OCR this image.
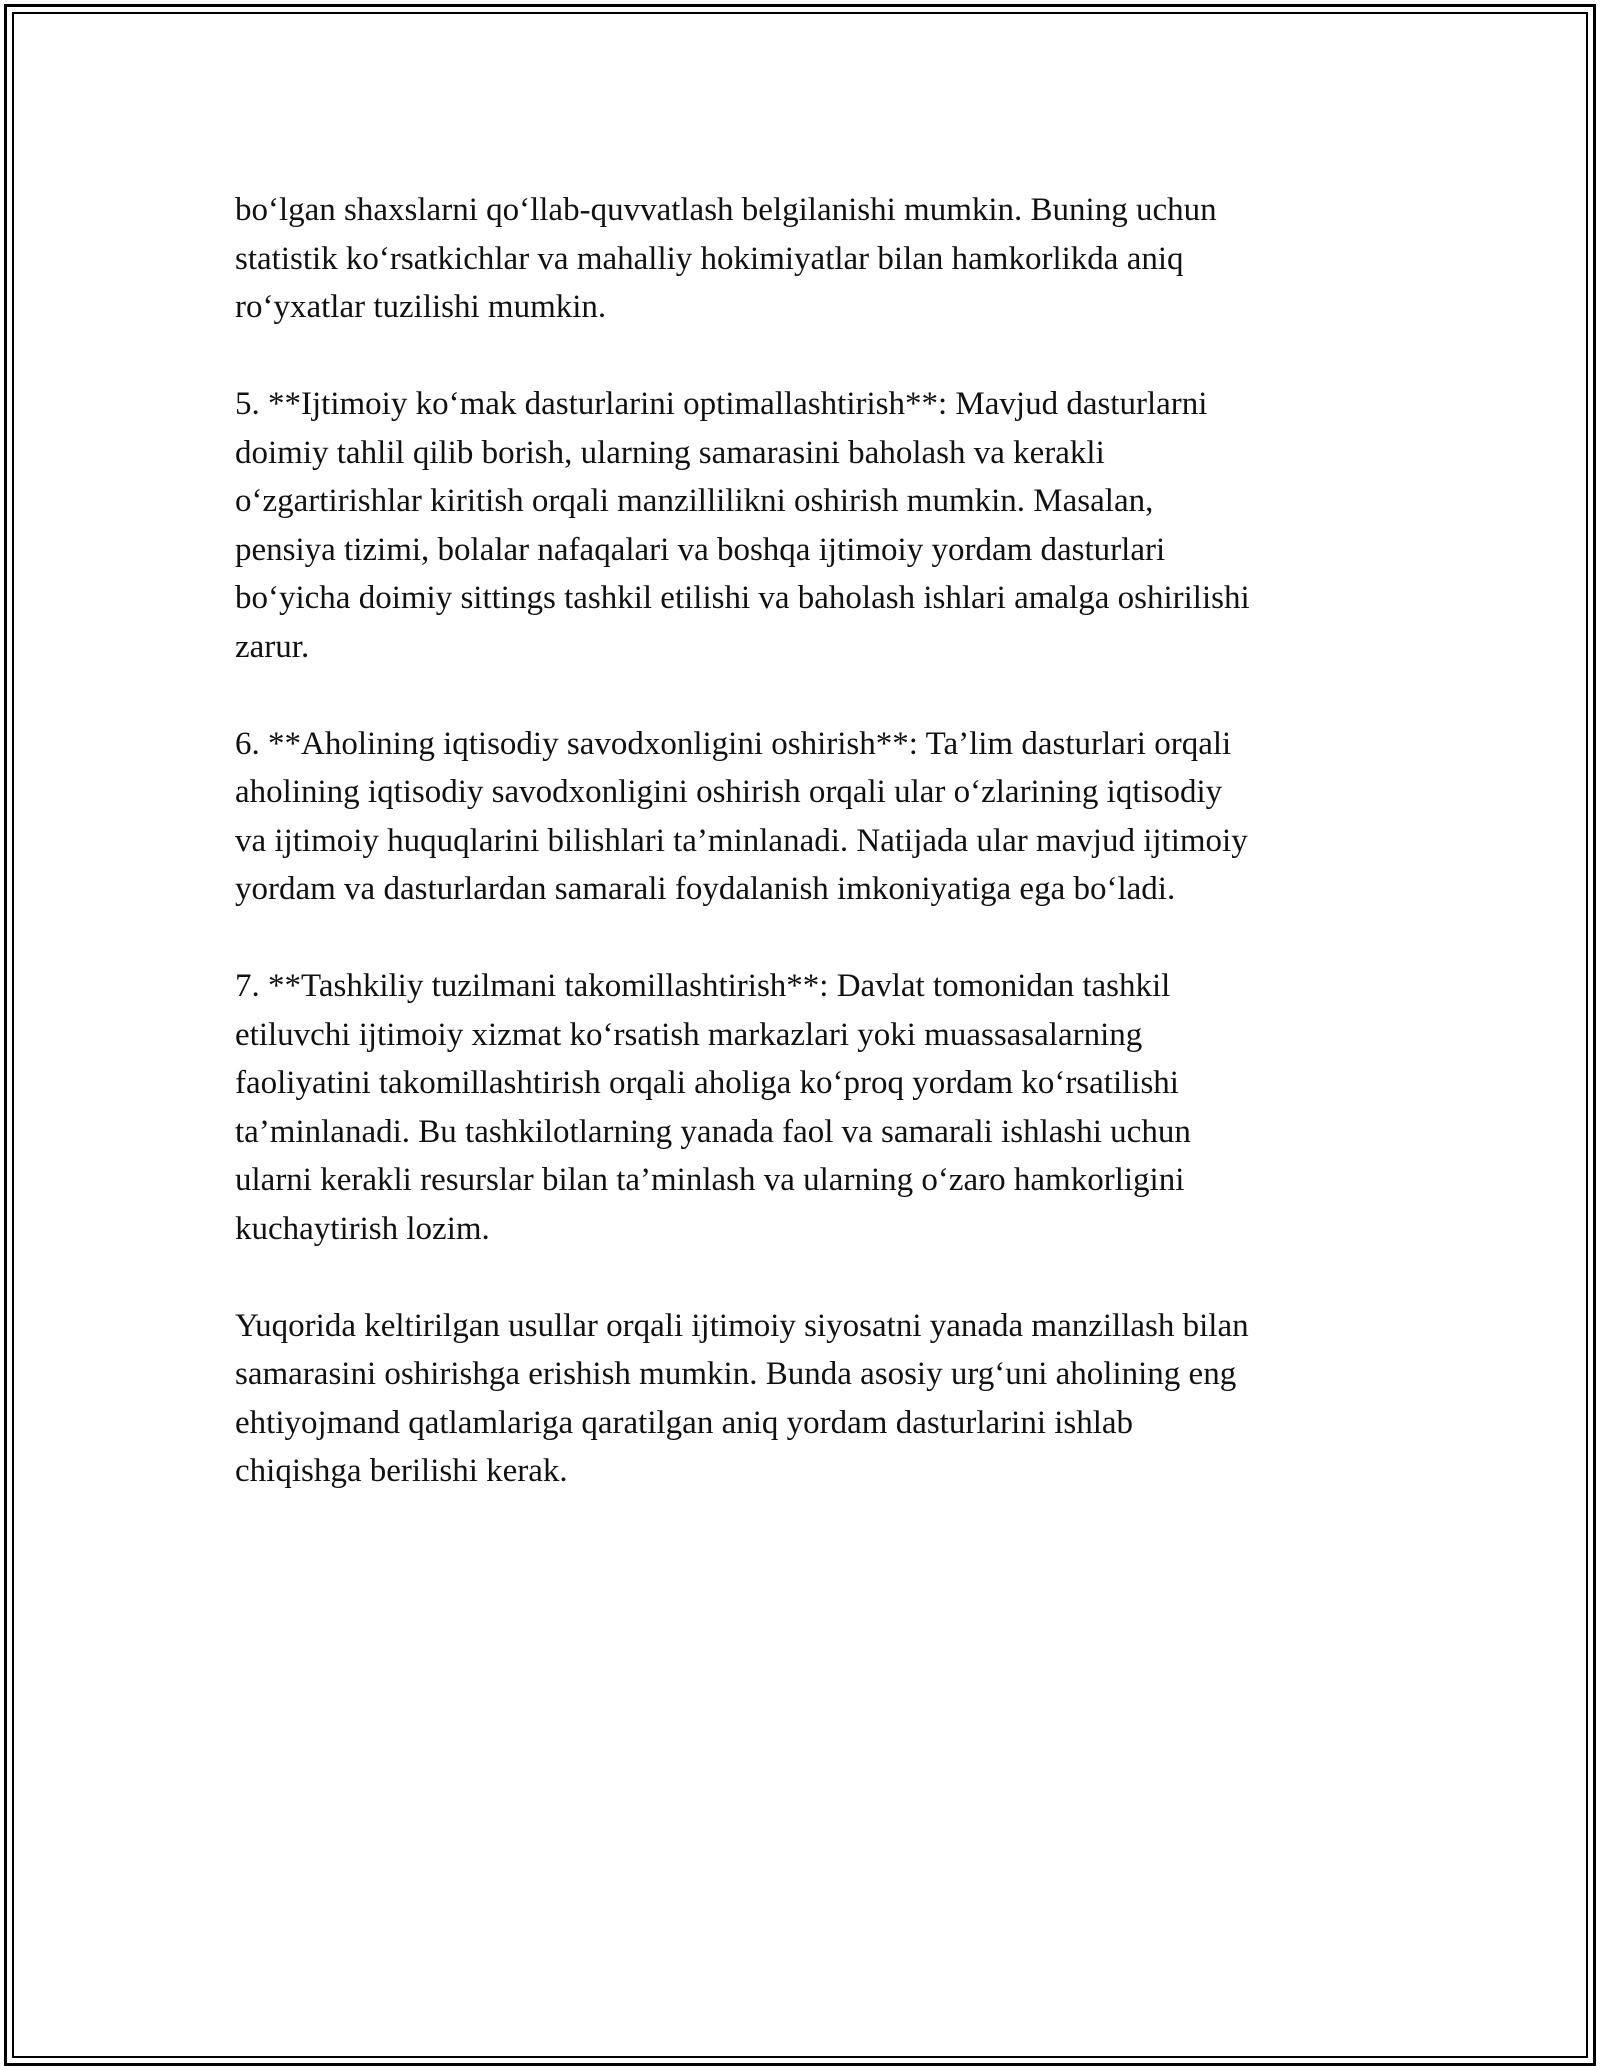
bo‘lgan shaxslarni qo‘llab-quvvatlash belgilanishi mumkin. Buning uchun
statistik ko‘rsatkichlar va mahalliy hokimiyatlar bilan hamkorlikda aniq
ro‘yxatlar tuzilishi mumkin.

5. **Ijtimoiy ko‘mak dasturlarini optimallashtirish**: Mavjud dasturlarni
doimiy tahlil qilib borish, ularning samarasini baholash va kerakli
o‘zgartirishlar kiritish orqali manzillilikni oshirish mumkin. Masalan,
pensiya tizimi, bolalar nafaqalari va boshqa ijtimoiy yordam dasturlari
bo‘yicha doimiy sittings tashkil etilishi va baholash ishlari amalga oshirilishi
zarur.

6. **Aholining iqtisodiy savodxonligini oshirish**: Ta’lim dasturlari orqali
aholining iqtisodiy savodxonligini oshirish orqali ular o‘zlarining iqtisodiy
va ijtimoiy huquqlarini bilishlari ta’minlanadi. Natijada ular mavjud ijtimoiy
yordam va dasturlardan samarali foydalanish imkoniyatiga ega bo‘ladi.

7. **Tashkiliy tuzilmani takomillashtirish**: Davlat tomonidan tashkil
etiluvchi ijtimoiy xizmat ko‘rsatish markazlari yoki muassasalarning
faoliyatini takomillashtirish orqali aholiga ko‘proq yordam ko‘rsatilishi
ta’minlanadi. Bu tashkilotlarning yanada faol va samarali ishlashi uchun
ularni kerakli resurslar bilan ta’minlash va ularning o‘zaro hamkorligini
kuchaytirish lozim.

Yuqorida keltirilgan usullar orqali ijtimoiy siyosatni yanada manzillash bilan
samarasini oshirishga erishish mumkin. Bunda asosiy urg‘uni aholining eng
ehtiyojmand qatlamlariga qaratilgan aniq yordam dasturlarini ishlab
chiqishga berilishi kerak.
